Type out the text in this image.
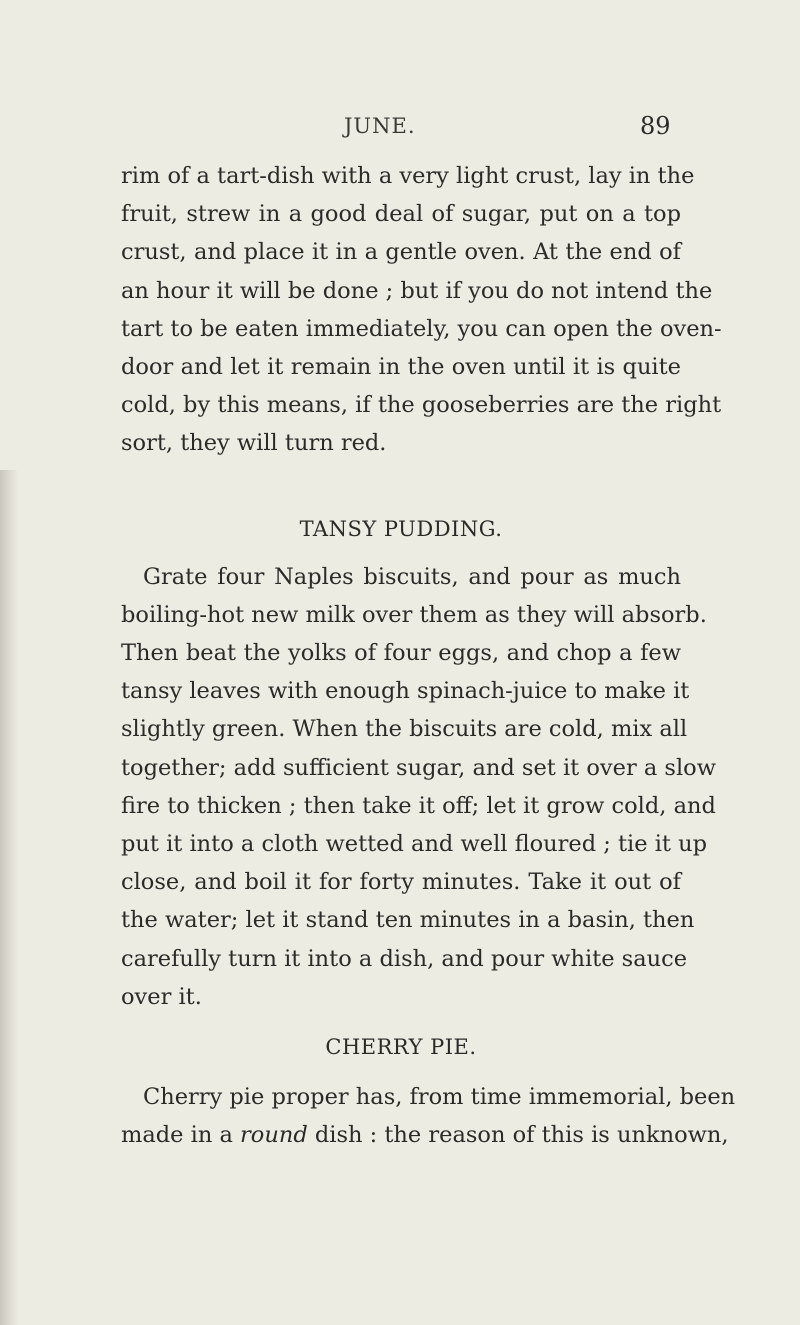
JUNE.	89
rim of a tart-dish with a very light crust, lay in the
fruit, strew in a good deal of sugar, put on a top
crust, and place it in a gentle oven. At the end of
an hour it will be done ; but if you do not intend the
tart to be eaten immediately, you can open the oven-
door and let it remain in the oven until it is quite
cold, by this means, if the gooseberries are the right
sort, they will turn red.
TANSY PUDDING.
Grate four Naples biscuits, and pour as much
boiling-hot new milk over them as they will absorb.
Then beat the yolks of four eggs, and chop a few
tansy leaves with enough spinach-juice to make it
slightly green. When the biscuits are cold, mix all
together; add sufficient sugar, and set it over a slow
fire to thicken ; then take it off; let it grow cold, and
put it into a cloth wetted and well floured ; tie it up
close, and boil it for forty minutes. Take it out of
the water; let it stand ten minutes in a basin, then
carefully turn it into a dish, and pour white sauce
over it.
CHERRY PIE.
Cherry pie proper has, from time immemorial, been
made in a round dish : the reason of this is unknown,
